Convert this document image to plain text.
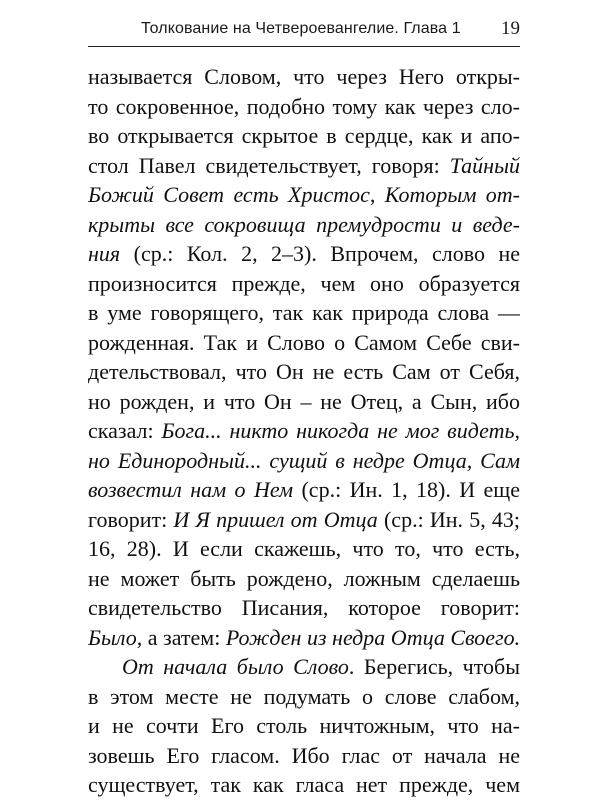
Толкование на Четвероевангелие. Глава 1 19
называется Словом, что через Него откры-
то сокровенное, подобно тому как через сло-
во открывается скрытое в сердце, как и апо-
стол Павел свидетельствует, говоря: Тайный
Божий Совет есть Христос, Которым от-
крыты все сокровища премудрости и веде-
ния (ср.: Кол. 2, 2–3). Впрочем, слово не
произносится прежде, чем оно образуется
в уме говорящего, так как природа слова —
рожденная. Так и Слово о Самом Себе сви-
детельствовал, что Он не есть Сам от Себя,
но рожден, и что Он – не Отец, а Сын, ибо
сказал: Бога... никто никогда не мог видеть,
но Единородный... сущий в недре Отца, Сам
возвестил нам о Нем (ср.: Ин. 1, 18). И еще
говорит: И Я пришел от Отца (ср.: Ин. 5, 43;
16, 28). И если скажешь, что то, что есть,
не может быть рождено, ложным сделаешь
свидетельство Писания, которое говорит:
Было, а затем: Рожден из недра Отца Своего.
От начала было Слово. Берегись, чтобы
в этом месте не подумать о слове слабом,
и не сочти Его столь ничтожным, что на-
зовешь Его гласом. Ибо глас от начала не
существует, так как гласа нет прежде, чем
